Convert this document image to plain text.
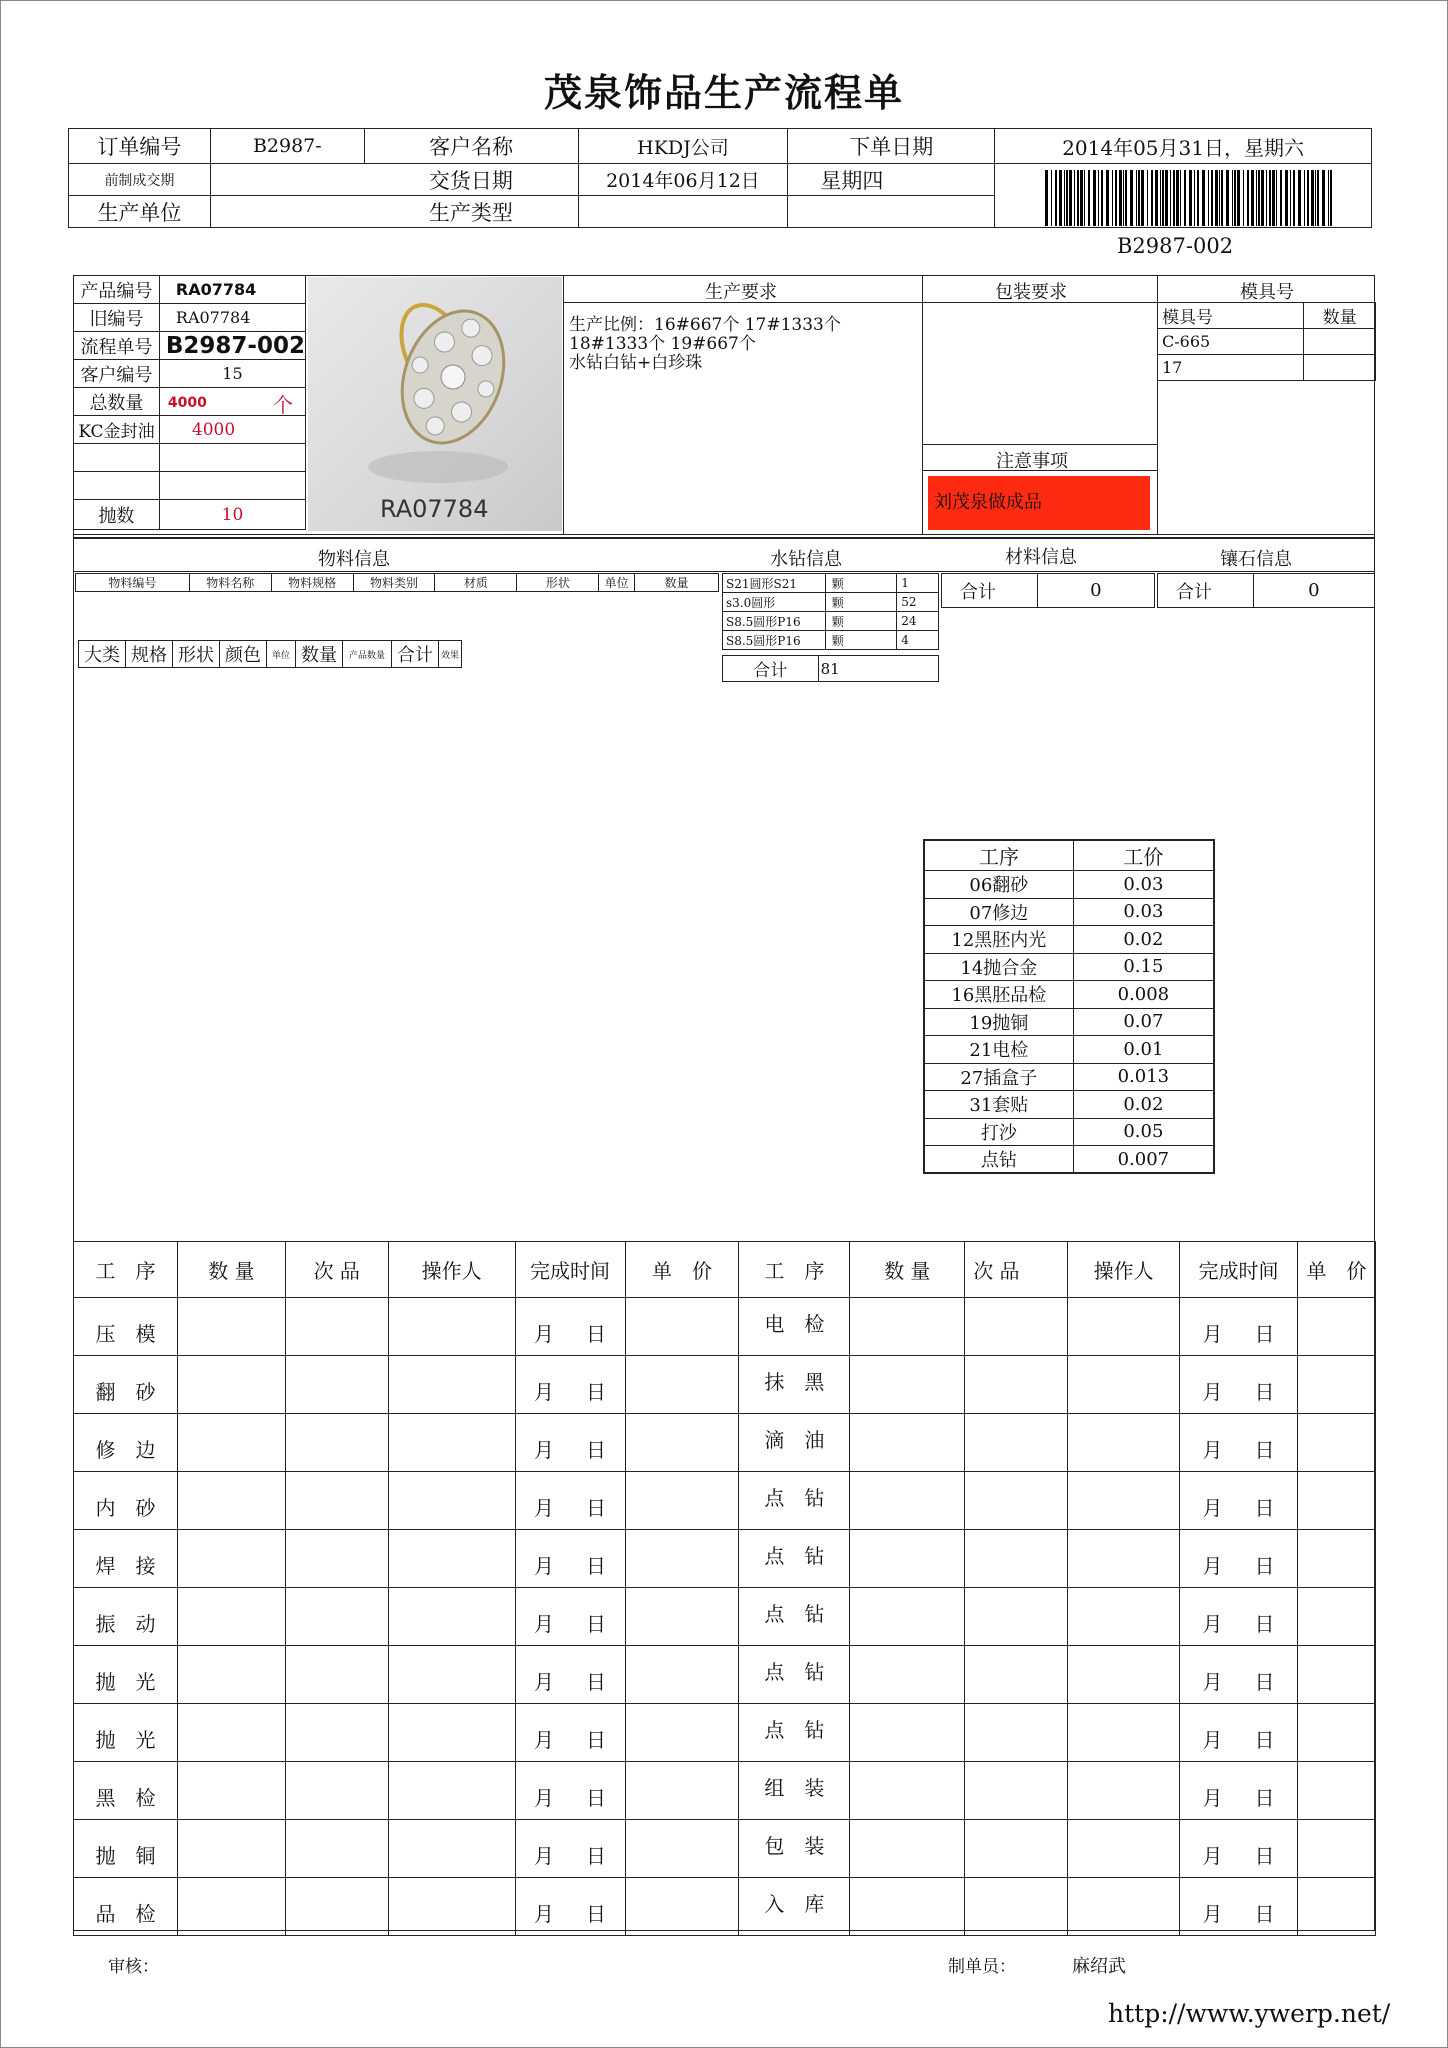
茂泉饰品生产流程单
订单编号	B2987-	客户名称	HKDJ公司	下单日期	2014年05月31日，星期六
前制成交期		交货日期	2014年06月12日	星期四	

生产单位		生产类型			
B2987-002
产品编号	RA07784
旧编号	RA07784
流程单号	B2987-002
客户编号	15
总数量	4000 个

KC金封油	4000

抛数	10	RA07784
生产要求	包装要求	模具号
生产比例：16#667个 17#1333个
18#1333个 19#667个
水钻白钻+白珍珠
注意事项
刘茂泉做成品
模具号	数量
C-665	
17	
物料信息	水钻信息	材料信息	镶石信息
物料编号	物料名称	物料规格	物料类别	材质	形状	单位	数量
大类	规格	形状	颜色	单位	数量	产品数量	合计	效果
S21圆形S21	颗	1
s3.0圆形	颗	52
S8.5圆形P16	颗	24
S8.5圆形P16	颗	4
合计	81
合计	0	合计	0
工序	工价
06翻砂	0.03
07修边	0.03
12黑胚内光	0.02
14抛合金	0.15
16黑胚品检	0.008
19抛铜	0.07
21电检	0.01
27插盒子	0.013
31套贴	0.02
打沙	0.05
点钻	0.007
工　序	数 量	次 品	操作人	完成时间	单　价	工　序	数 量	次 品	操作人	完成时间	单　价
压　模				月 日		电　检				月 日	
翻　砂				月 日		抹　黑				月 日	
修　边				月 日		滴　油				月 日	
内　砂				月 日		点　钻				月 日	
焊　接				月 日		点　钻				月 日	
振　动				月 日		点　钻				月 日	
抛　光				月 日		点　钻				月 日	
抛　光				月 日		点　钻				月 日	
黑　检				月 日		组　装				月 日	
抛　铜				月 日		包　装				月 日	
品　检				月 日		入　库				月 日	
审核：	制单员：	麻绍武
http://www.ywerp.net/
